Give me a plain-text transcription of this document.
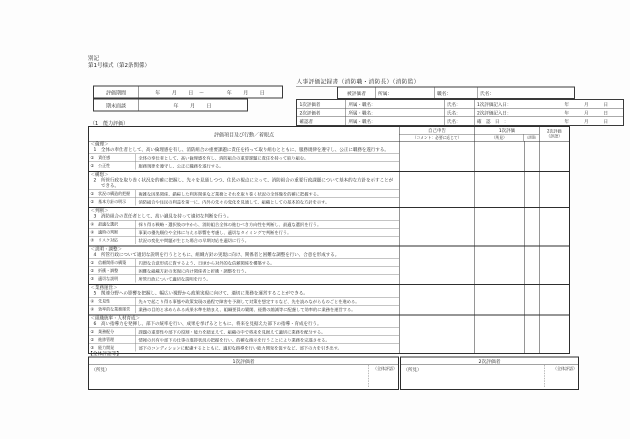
別記
第1号様式（第2条関係）
人事評価記録書（消防職・消防長）（消防監）
評価期間	年　　月　　日　～　　　　年　　月　　日
期末面談	年　　月　　日
被評価者	所属：	職名：	氏名：
1次評価者	所属・職名：	氏名：	1次評価記入日：	年　　月　　日
2次評価者	所属・職名：	氏名：	2次評価記入日：	年　　月　　日
確認者	所属・職名：	氏名：	確　認　日　：	年　　月　　日
（1　能力評価）
評価項目及び行動／着眼点
自己申告
（コメント：必要に応じて）
1次評価
（所見）	（評語）
2次評価
（評語）
＜倫理＞
1 全体の奉仕者として、高い倫理感を有し、消防組合の重要課題に責任を持って取り組むとともに、服務規律を遵守し、公正に職務を遂行する。
①　責任感	全体の奉仕者として、高い倫理感を有し、消防組合の重要課題に責任を持って取り組む。
②　公正性	服務規律を遵守し、公正に職務を遂行する。
＜構想＞
2 所管行政を取り巻く状況を的確に把握し、先々を見通しつつ、住民の視点に立って、消防組合の重要行政課題について基本的な方針を示すことができる。
①　状況の構造的把握 複雑な因果関係、錯綜した利害関係など業務とそれを取り巻く状況の全体像を的確に把握する。
②　基本方針の明示	消防組合や住民の利益を第一に、内外の先々の変化を見通して、組織としての基本的な方針を示す。
＜判断＞
3 消防組合の責任者として、高い識見を持って適切な判断を行う。
①　最適な選択	採り得る戦略・選択肢の中から、消防組合全体の進むべき方向性を判断し、最適な選択を行う。
②　適時の判断	事案の優先順位や全体に与える影響を考慮し、適切なタイミングで判断を行う。
③　リスク対応	状況の変化や問題が生じた場合の早期対応を適切に行う。
＜説明・調整＞
4 所管行政について適切な説明を行うとともに、組織方針の実現に向け、関係者と困難な調整を行い、合意を形成する。
①　信頼関係の構築	円滑な合意形成に資するよう、日頃から対外的な信頼関係を構築する。
②　折衝・調整	困難な組織方針の実現に向け関係者と折衝・調整を行う。
③　適切な説明	所管行政について適切な説明を行う。
＜業務運営＞
5 関連分野への影響を把握し、幅広い視野から政策実現に向けて、適切に業務を運営することができる。
①　先見性	先々で起こり得る事態や政策実現の過程で障害を予測して対策を想定するなど、先を読みながらものごとを進める。
②　効率的な業務運営 業務の目的と求められる成果水準を踏まえ、組織要員の繁閑、経費の縮減等に配慮して効率的に業務を運営する。
＜組織統率・人材育成＞
6 高い指導力を発揮し、部下の統率を行い、成果を挙げるとともに、将来を見据えた部下の指導・育成を行う。
①　業務配分	課題の重要性や部下の役割・能力を踏まえて、組織の中で将来を見据えて適切に業務を配分する。
②　進捗管理	情報の共有や部下の仕事の進捗状況の把握を行い、的確な指示を行うことにより業務を完遂させる。
③　能力開発	部下のコンディションに配慮するとともに、適切な指導を行い能力開発を促すなど、部下の力を引き出す。
【全体評語等】
1次評価者
（所見）	（全体評語）
2次評価者
（所見）	（全体評語）
